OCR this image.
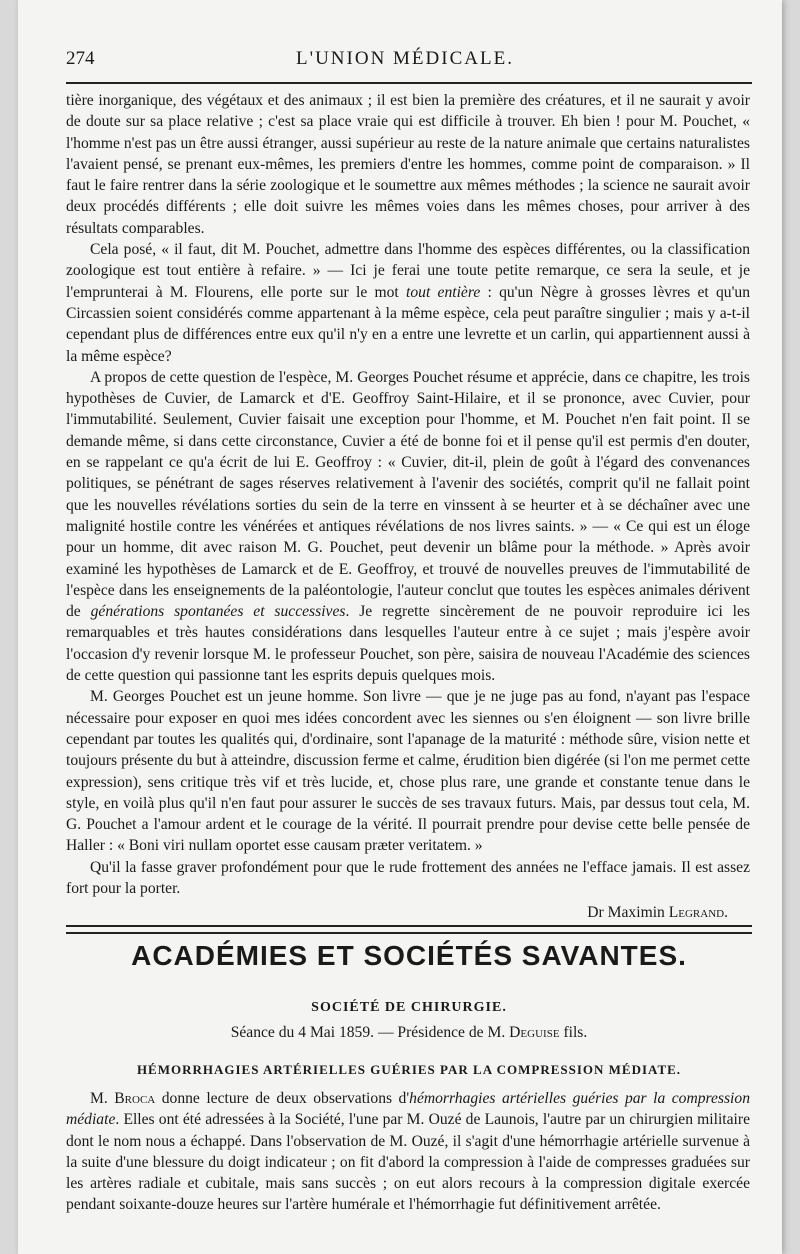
274	L'UNION MÉDICALE.

tière inorganique, des végétaux et des animaux ; il est bien la première des créatures, et il ne saurait y avoir de doute sur sa place relative ; c'est sa place vraie qui est difficile à trouver. Eh bien ! pour M. Pouchet, « l'homme n'est pas un être aussi étranger, aussi supérieur au reste de la nature animale que certains naturalistes l'avaient pensé, se prenant eux-mêmes, les premiers d'entre les hommes, comme point de comparaison. » Il faut le faire rentrer dans la série zoologique et le soumettre aux mêmes méthodes ; la science ne saurait avoir deux procédés différents ; elle doit suivre les mêmes voies dans les mêmes choses, pour arriver à des résultats comparables.

Cela posé, « il faut, dit M. Pouchet, admettre dans l'homme des espèces différentes, ou la classification zoologique est tout entière à refaire. » — Ici je ferai une toute petite remarque, ce sera la seule, et je l'emprunterai à M. Flourens, elle porte sur le mot tout entière : qu'un Nègre à grosses lèvres et qu'un Circassien soient considérés comme appartenant à la même espèce, cela peut paraître singulier ; mais y a-t-il cependant plus de différences entre eux qu'il n'y en a entre une levrette et un carlin, qui appartiennent aussi à la même espèce?

A propos de cette question de l'espèce, M. Georges Pouchet résume et apprécie, dans ce chapitre, les trois hypothèses de Cuvier, de Lamarck et d'E. Geoffroy Saint-Hilaire, et il se prononce, avec Cuvier, pour l'immutabilité. Seulement, Cuvier faisait une exception pour l'homme, et M. Pouchet n'en fait point. Il se demande même, si dans cette circonstance, Cuvier a été de bonne foi et il pense qu'il est permis d'en douter, en se rappelant ce qu'a écrit de lui E. Geoffroy : « Cuvier, dit-il, plein de goût à l'égard des convenances politiques, se pénétrant de sages réserves relativement à l'avenir des sociétés, comprit qu'il ne fallait point que les nouvelles révélations sorties du sein de la terre en vinssent à se heurter et à se déchaîner avec une malignité hostile contre les vénérées et antiques révélations de nos livres saints. » — « Ce qui est un éloge pour un homme, dit avec raison M. G. Pouchet, peut devenir un blâme pour la méthode. » Après avoir examiné les hypothèses de Lamarck et de E. Geoffroy, et trouvé de nouvelles preuves de l'immutabilité de l'espèce dans les enseignements de la paléontologie, l'auteur conclut que toutes les espèces animales dérivent de générations spontanées et successives. Je regrette sincèrement de ne pouvoir reproduire ici les remarquables et très hautes considérations dans lesquelles l'auteur entre à ce sujet ; mais j'espère avoir l'occasion d'y revenir lorsque M. le professeur Pouchet, son père, saisira de nouveau l'Académie des sciences de cette question qui passionne tant les esprits depuis quelques mois.

M. Georges Pouchet est un jeune homme. Son livre — que je ne juge pas au fond, n'ayant pas l'espace nécessaire pour exposer en quoi mes idées concordent avec les siennes ou s'en éloignent — son livre brille cependant par toutes les qualités qui, d'ordinaire, sont l'apanage de la maturité : méthode sûre, vision nette et toujours présente du but à atteindre, discussion ferme et calme, érudition bien digérée (si l'on me permet cette expression), sens critique très vif et très lucide, et, chose plus rare, une grande et constante tenue dans le style, en voilà plus qu'il n'en faut pour assurer le succès de ses travaux futurs. Mais, par dessus tout cela, M. G. Pouchet a l'amour ardent et le courage de la vérité. Il pourrait prendre pour devise cette belle pensée de Haller : « Boni viri nullam oportet esse causam præter veritatem. »

Qu'il la fasse graver profondément pour que le rude frottement des années ne l'efface jamais. Il est assez fort pour la porter.

Dr Maximin Legrand.
ACADÉMIES ET SOCIÉTÉS SAVANTES.
SOCIÉTÉ DE CHIRURGIE.
Séance du 4 Mai 1859. — Présidence de M. Deguise fils.
HÉMORRHAGIES ARTÉRIELLES GUÉRIES PAR LA COMPRESSION MÉDIATE.

M. Broca donne lecture de deux observations d'hémorrhagies artérielles guéries par la compression médiate. Elles ont été adressées à la Société, l'une par M. Ouzé de Launois, l'autre par un chirurgien militaire dont le nom nous a échappé. Dans l'observation de M. Ouzé, il s'agit d'une hémorrhagie artérielle survenue à la suite d'une blessure du doigt indicateur ; on fit d'abord la compression à l'aide de compresses graduées sur les artères radiale et cubitale, mais sans succès ; on eut alors recours à la compression digitale exercée pendant soixante-douze heures sur l'artère humérale et l'hémorrhagie fut définitivement arrêtée.
